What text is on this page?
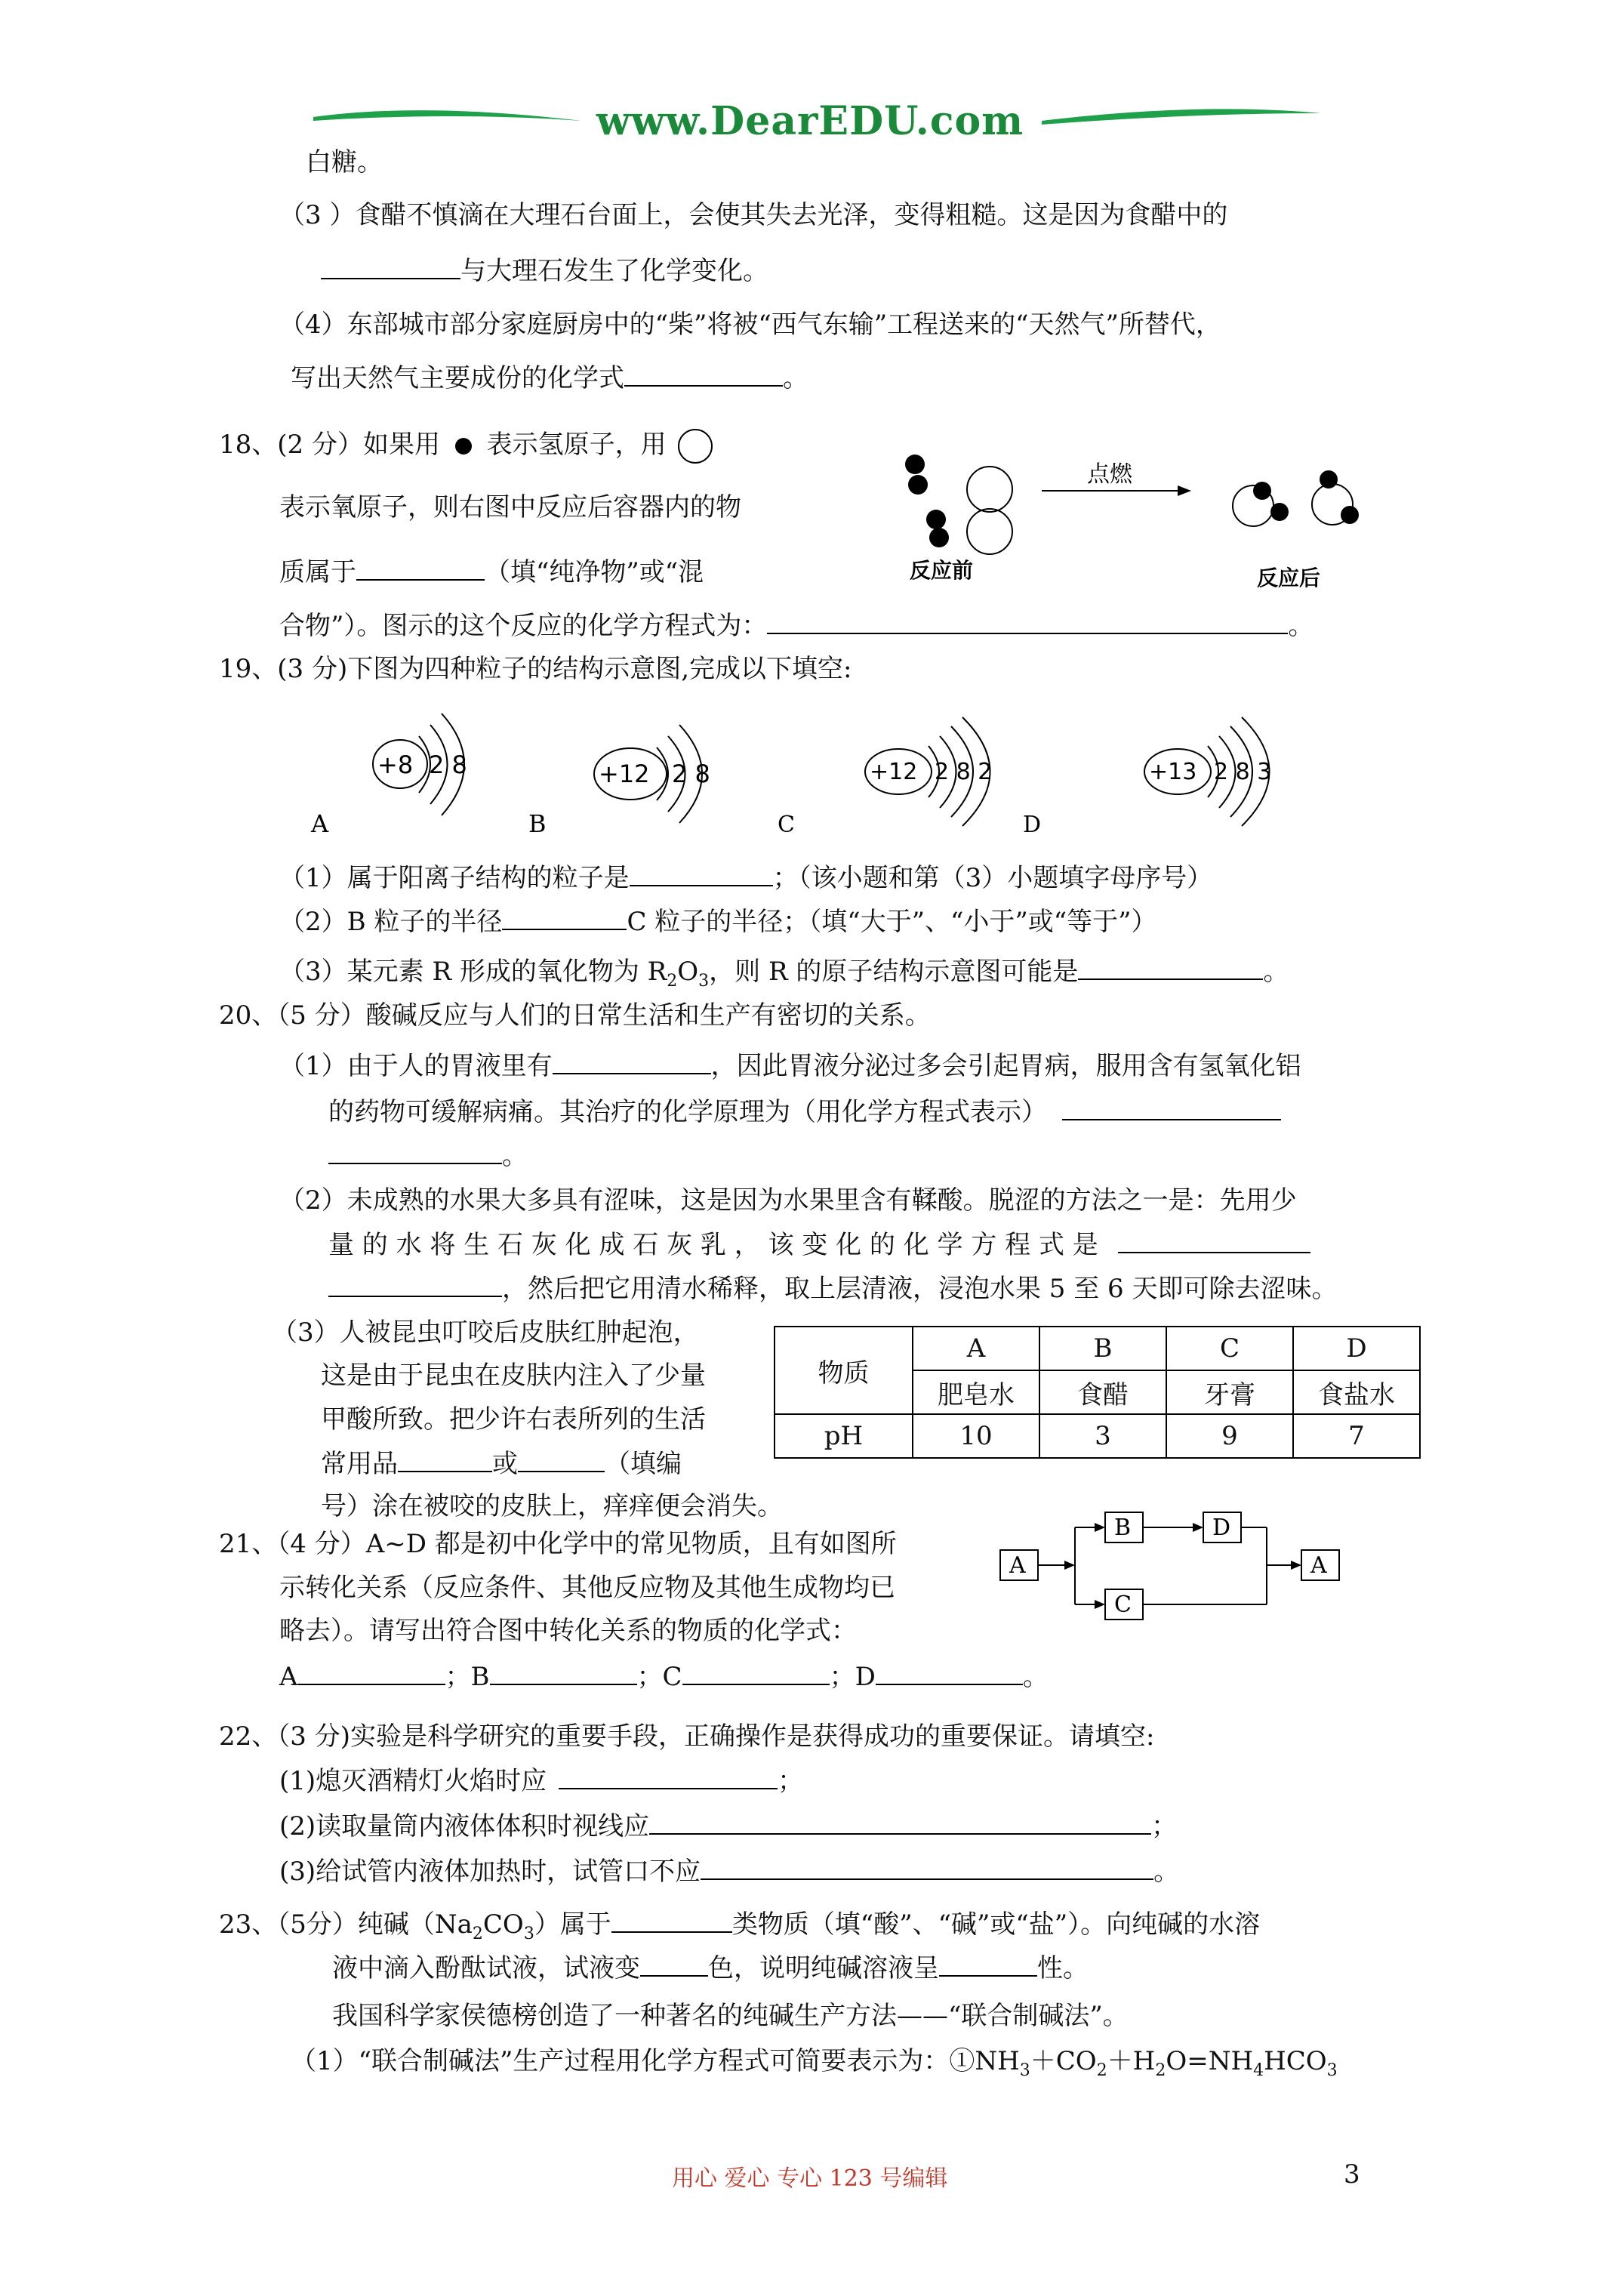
www.DearEDU.com
白糖。
（3 ）食醋不慎滴在大理石台面上，会使其失去光泽，变得粗糙。这是因为食醋中的
与大理石发生了化学变化。
（4）东部城市部分家庭厨房中的“柴”将被“西气东输”工程送来的“天然气”所替代，
写出天然气主要成份的化学式	。
18、(2 分）如果用 表示氢原子，用
表示氧原子，则右图中反应后容器内的物
质属于	（填“纯净物”或“混
合物”）。图示的这个反应的化学方程式为：	。
点燃
反应前	反应后
19、(3 分)下图为四种粒子的结构示意图,完成以下填空:
+8 2 8
A
+12 2 8
B
+12 2 8 2
C
+13 2 8 3
D
（1）属于阳离子结构的粒子是	；（该小题和第（3）小题填字母序号）
（2）B 粒子的半径	C 粒子的半径；（填“大于”、“小于”或“等于”）
（3）某元素 R 形成的氧化物为 $R_2O_3$，则 R 的原子结构示意图可能是	。
20、（5 分）酸碱反应与人们的日常生活和生产有密切的关系。
（1）由于人的胃液里有	，因此胃液分泌过多会引起胃病，服用含有氢氧化铝
的药物可缓解病痛。其治疗的化学原理为（用化学方程式表示）
。
（2）未成熟的水果大多具有涩味，这是因为水果里含有鞣酸。脱涩的方法之一是：先用少
量 的 水 将 生 石 灰 化 成 石 灰 乳 ， 该 变 化 的 化 学 方 程 式 是
，然后把它用清水稀释，取上层清液，浸泡水果 5 至 6 天即可除去涩味。
（3）人被昆虫叮咬后皮肤红肿起泡，
这是由于昆虫在皮肤内注入了少量
甲酸所致。把少许右表所列的生活
常用品	或	（填编
号）涂在被咬的皮肤上，痒痒便会消失。
物质	A	B	C	D
	肥皂水	食醋	牙膏	食盐水
pH	10	3	9	7
21、（4 分）A~D 都是初中化学中的常见物质，且有如图所
示转化关系（反应条件、其他反应物及其他生成物均已
略去）。请写出符合图中转化关系的物质的化学式：
A	；B	；C	；D	。
A
B	D
C
A
22、（3 分)实验是科学研究的重要手段，正确操作是获得成功的重要保证。请填空:
(1)熄灭酒精灯火焰时应	；
(2)读取量筒内液体体积时视线应	；
(3)给试管内液体加热时，试管口不应	。
23、（5分）纯碱$(Na_2CO_3)$属于	类物质（填“酸”、“碱”或“盐”）。向纯碱的水溶
液中滴入酚酞试液，试液变	色，说明纯碱溶液呈	性。
我国科学家侯德榜创造了一种著名的纯碱生产方法——“联合制碱法”。
（1）“联合制碱法”生产过程用化学方程式可简要表示为：$①NH_3+CO_2+H_2O=NH_4HCO_3$
用心 爱心 专心 123 号编辑	3
